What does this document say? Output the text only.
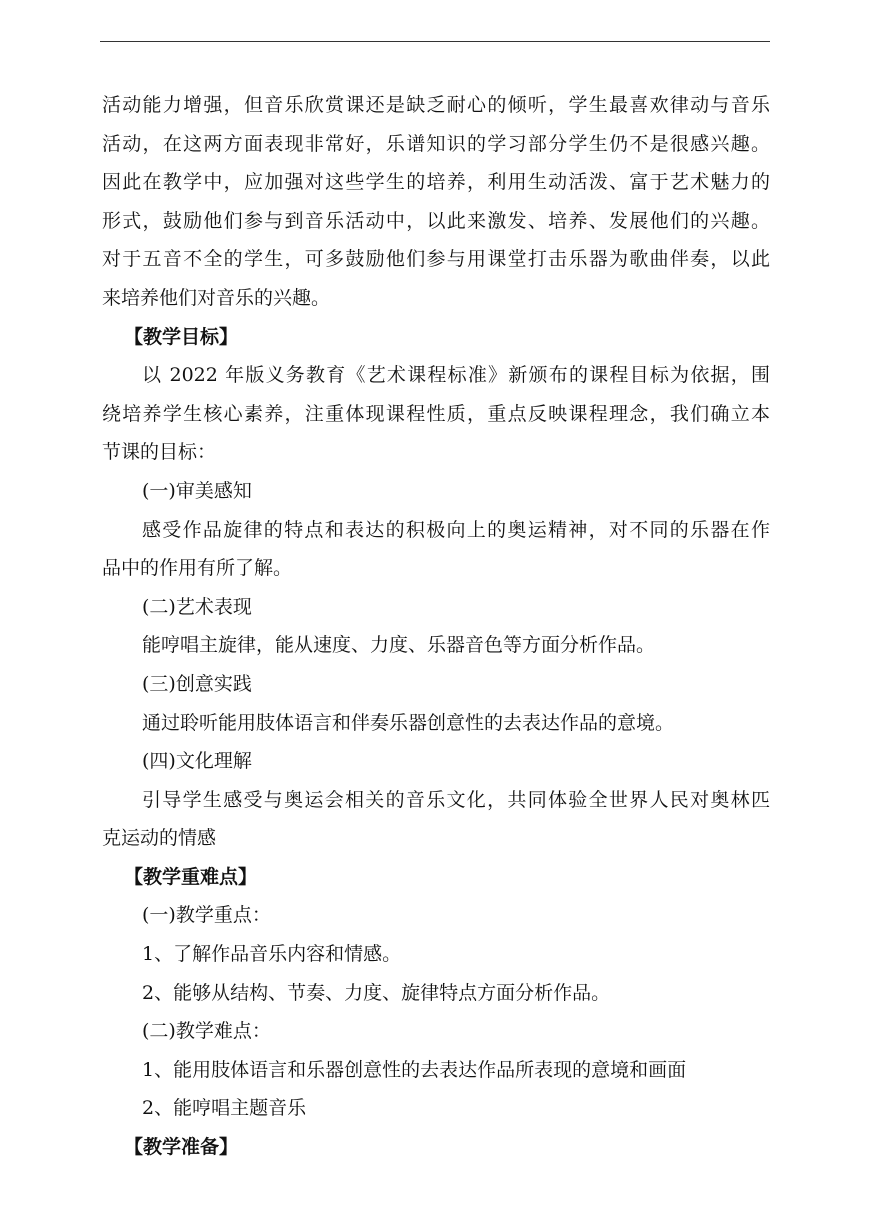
活动能力增强，但音乐欣赏课还是缺乏耐心的倾听，学生最喜欢律动与音乐
活动，在这两方面表现非常好，乐谱知识的学习部分学生仍不是很感兴趣。
因此在教学中，应加强对这些学生的培养，利用生动活泼、富于艺术魅力的
形式，鼓励他们参与到音乐活动中，以此来激发、培养、发展他们的兴趣。
对于五音不全的学生，可多鼓励他们参与用课堂打击乐器为歌曲伴奏，以此
来培养他们对音乐的兴趣。
【教学目标】
以 2022 年版义务教育《艺术课程标准》新颁布的课程目标为依据，围
绕培养学生核心素养，注重体现课程性质，重点反映课程理念，我们确立本
节课的目标：
(一)审美感知
感受作品旋律的特点和表达的积极向上的奥运精神，对不同的乐器在作
品中的作用有所了解。
(二)艺术表现
能哼唱主旋律，能从速度、力度、乐器音色等方面分析作品。
(三)创意实践
通过聆听能用肢体语言和伴奏乐器创意性的去表达作品的意境。
(四)文化理解
引导学生感受与奥运会相关的音乐文化，共同体验全世界人民对奥林匹
克运动的情感
【教学重难点】
(一)教学重点：
1、了解作品音乐内容和情感。
2、能够从结构、节奏、力度、旋律特点方面分析作品。
(二)教学难点：
1、能用肢体语言和乐器创意性的去表达作品所表现的意境和画面
2、能哼唱主题音乐
【教学准备】
